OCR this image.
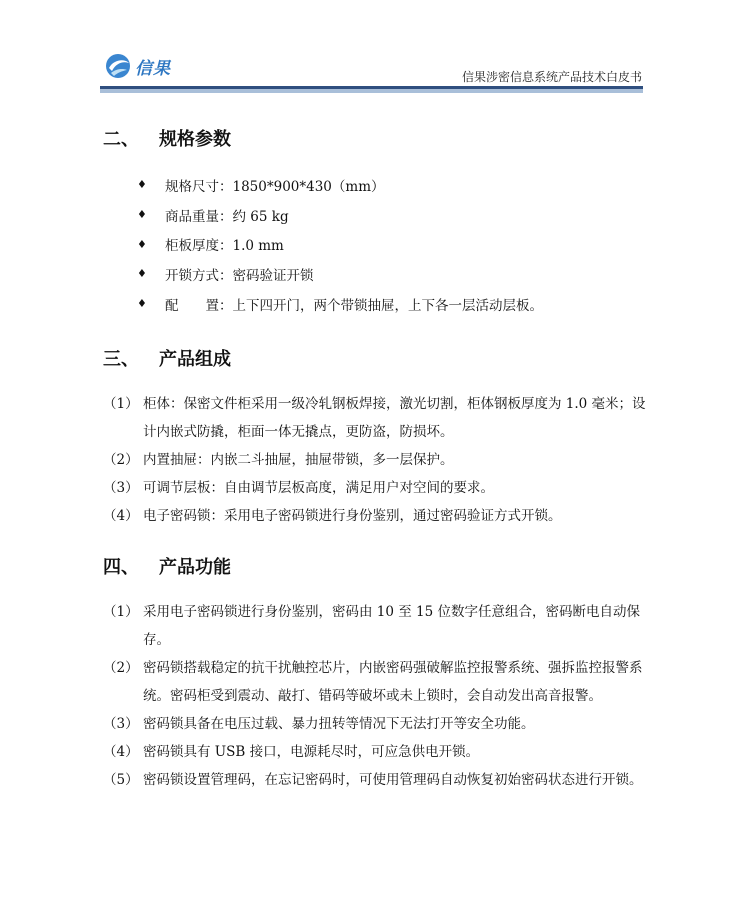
信果	信果涉密信息系统产品技术白皮书
二、	规格参数
♦	规格尺寸：1850*900*430（mm）
♦	商品重量：约 65 kg
♦	柜板厚度：1.0 mm
♦	开锁方式：密码验证开锁
♦	配　　置：上下四开门，两个带锁抽屉，上下各一层活动层板。
三、	产品组成
（1） 柜体：保密文件柜采用一级冷轧钢板焊接，激光切割，柜体钢板厚度为 1.0 毫米；设计内嵌式防撬，柜面一体无撬点，更防盗，防损坏。
（2） 内置抽屉：内嵌二斗抽屉，抽屉带锁，多一层保护。
（3） 可调节层板：自由调节层板高度，满足用户对空间的要求。
（4） 电子密码锁：采用电子密码锁进行身份鉴别，通过密码验证方式开锁。
四、	产品功能
（1） 采用电子密码锁进行身份鉴别，密码由 10 至 15 位数字任意组合，密码断电自动保存。
（2） 密码锁搭载稳定的抗干扰触控芯片，内嵌密码强破解监控报警系统、强拆监控报警系统。密码柜受到震动、敲打、错码等破坏或未上锁时，会自动发出高音报警。
（3） 密码锁具备在电压过载、暴力扭转等情况下无法打开等安全功能。
（4） 密码锁具有 USB 接口，电源耗尽时，可应急供电开锁。
（5） 密码锁设置管理码，在忘记密码时，可使用管理码自动恢复初始密码状态进行开锁。
